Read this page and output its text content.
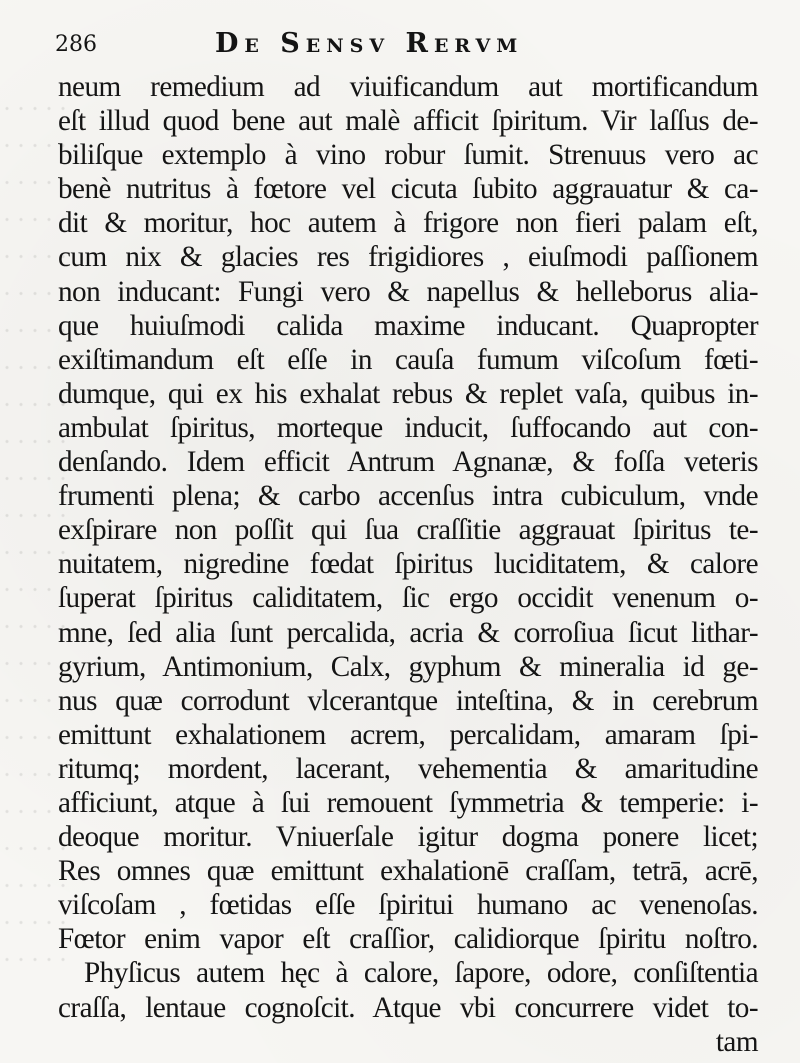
286	De Sensv Rervm
neum remedium ad viuificandum aut mortificandum
eſt illud quod bene aut malè afficit ſpiritum. Vir laſſus de-
biliſque extemplo à vino robur ſumit. Strenuus vero ac
benè nutritus à fœtore vel cicuta ſubito aggrauatur & ca-
dit & moritur, hoc autem à frigore non fieri palam eſt,
cum nix & glacies res frigidiores , eiuſmodi paſſionem
non inducant: Fungi vero & napellus & helleborus alia-
que huiuſmodi calida maxime inducant. Quapropter
exiſtimandum eſt eſſe in cauſa fumum viſcoſum fœti-
dumque, qui ex his exhalat rebus & replet vaſa, quibus in-
ambulat ſpiritus, morteque inducit, ſuffocando aut con-
denſando. Idem efficit Antrum Agnanæ, & foſſa veteris
frumenti plena; & carbo accenſus intra cubiculum, vnde
exſpirare non poſſit qui ſua craſſitie aggrauat ſpiritus te-
nuitatem, nigredine fœdat ſpiritus luciditatem, & calore
ſuperat ſpiritus caliditatem, ſic ergo occidit venenum o-
mne, ſed alia ſunt percalida, acria & corroſiua ſicut lithar-
gyrium, Antimonium, Calx, gyphum & mineralia id ge-
nus quæ corrodunt vlcerantque inteſtina, & in cerebrum
emittunt exhalationem acrem, percalidam, amaram ſpi-
ritumq; mordent, lacerant, vehementia & amaritudine
afficiunt, atque à ſui remouent ſymmetria & temperie: i-
deoque moritur. Vniuerſale igitur dogma ponere licet;
Res omnes quæ emittunt exhalationē craſſam, tetrā, acrē,
viſcoſam , fœtidas eſſe ſpiritui humano ac venenoſas.
Fœtor enim vapor eſt craſſior, calidiorque ſpiritu noſtro.
Phyſicus autem hęc à calore, ſapore, odore, conſiſtentia
craſſa, lentaue cognoſcit. Atque vbi concurrere videt to-
tam
